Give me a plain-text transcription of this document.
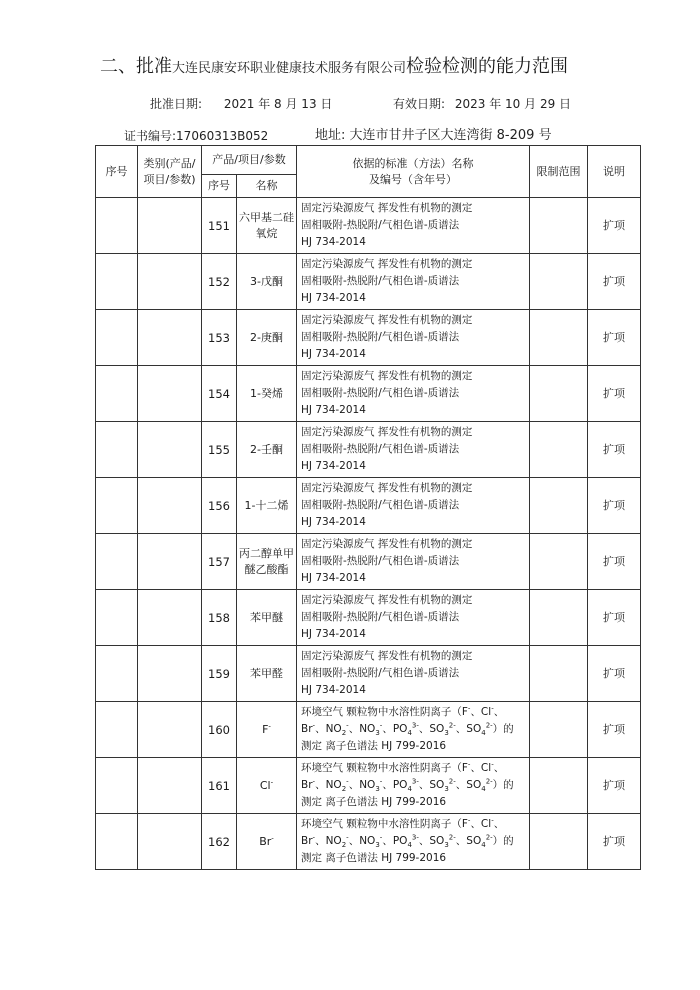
二、批准大连民康安环职业健康技术服务有限公司检验检测的能力范围
批准日期: 2021 年 8 月 13 日	有效日期: 2023 年 10 月 29 日
证书编号:17060313B052	地址: 大连市甘井子区大连湾街 8-209 号
序号	类别(产品/项目/参数)	产品/项目/参数		依据的标准（方法）名称
及编号（含年号）	限制范围	说明
		序号	名称			
		151	六甲基二硅氧烷	固定污染源废气 挥发性有机物的测定
固相吸附-热脱附/气相色谱-质谱法
HJ 734-2014		扩项
		152	3-戊酮	固定污染源废气 挥发性有机物的测定
固相吸附-热脱附/气相色谱-质谱法
HJ 734-2014		扩项
		153	2-庚酮	固定污染源废气 挥发性有机物的测定
固相吸附-热脱附/气相色谱-质谱法
HJ 734-2014		扩项
		154	1-癸烯	固定污染源废气 挥发性有机物的测定
固相吸附-热脱附/气相色谱-质谱法
HJ 734-2014		扩项
		155	2-壬酮	固定污染源废气 挥发性有机物的测定
固相吸附-热脱附/气相色谱-质谱法
HJ 734-2014		扩项
		156	1-十二烯	固定污染源废气 挥发性有机物的测定
固相吸附-热脱附/气相色谱-质谱法
HJ 734-2014		扩项
		157	丙二醇单甲醚乙酸酯	固定污染源废气 挥发性有机物的测定
固相吸附-热脱附/气相色谱-质谱法
HJ 734-2014		扩项
		158	苯甲醚	固定污染源废气 挥发性有机物的测定
固相吸附-热脱附/气相色谱-质谱法
HJ 734-2014		扩项
		159	苯甲醛	固定污染源废气 挥发性有机物的测定
固相吸附-热脱附/气相色谱-质谱法
HJ 734-2014		扩项
		160	F-	环境空气 颗粒物中水溶性阴离子（F-、Cl-、
Br-、$NO_2^-$、$NO_3^-$、$PO_4^{3-}$、$SO_3^{2-}$、$SO_4^{2-}$）的
测定 离子色谱法 HJ 799-2016		扩项
		161	Cl-	环境空气 颗粒物中水溶性阴离子（F-、Cl-、
Br-、$NO_2^-$、$NO_3^-$、$PO_4^{3-}$、$SO_3^{2-}$、$SO_4^{2-}$）的
测定 离子色谱法 HJ 799-2016		扩项
		162	Br-	环境空气 颗粒物中水溶性阴离子（F-、Cl-、
Br-、$NO_2^-$、$NO_3^-$、$PO_4^{3-}$、$SO_3^{2-}$、$SO_4^{2-}$）的
测定 离子色谱法 HJ 799-2016		扩项
